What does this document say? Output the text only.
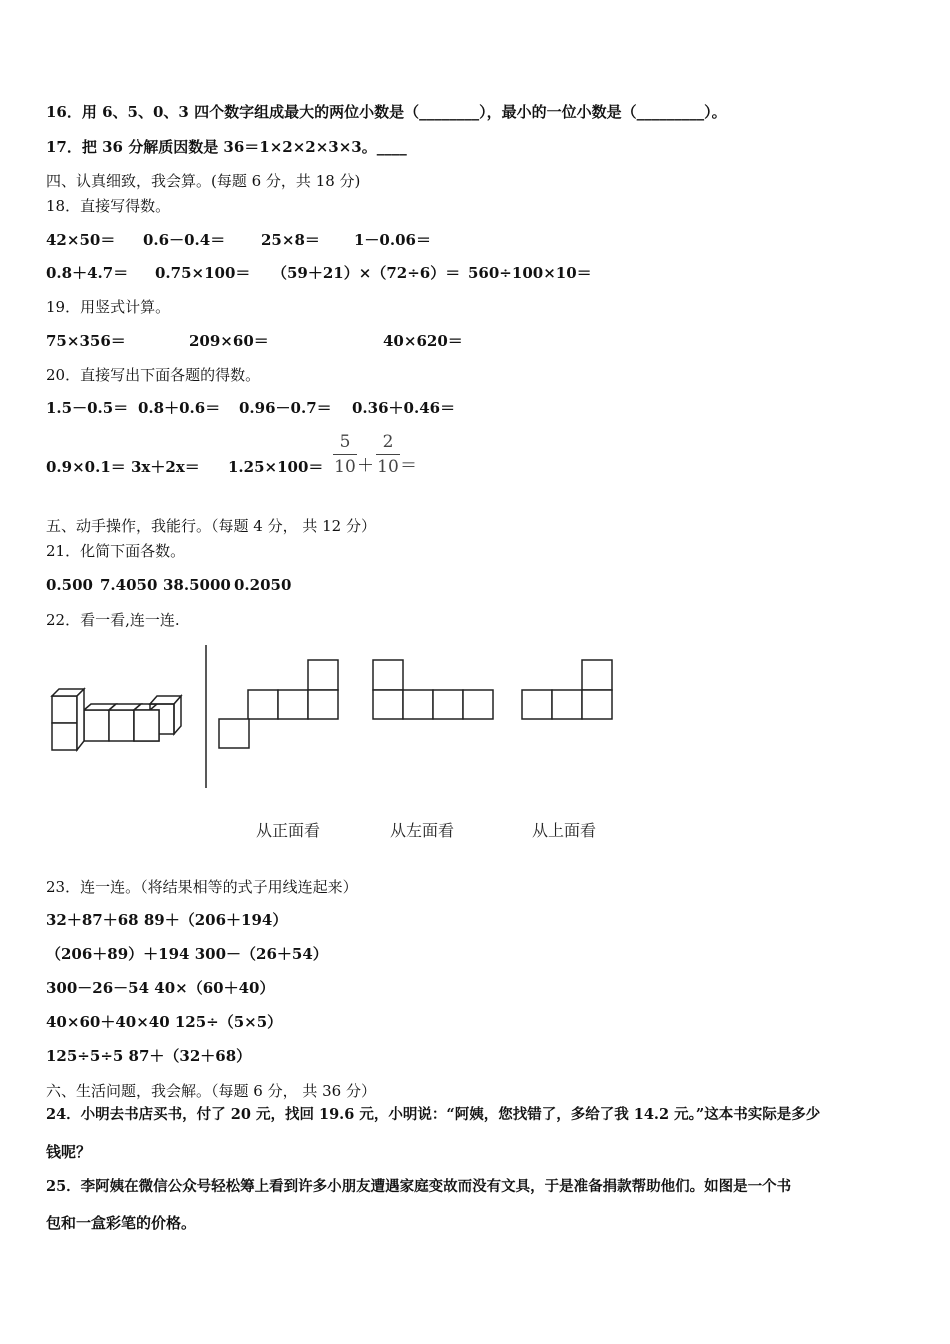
16．用 6、5、0、3 四个数字组成最大的两位小数是（________），最小的一位小数是（_________）。
17．把 36 分解质因数是 36＝1×2×2×3×3。____
四、认真细致，我会算。(每题 6 分，共 18 分)
18．直接写得数。
42×50＝ 0.6－0.4＝ 25×8＝ 1－0.06＝
0.8＋4.7＝ 0.75×100＝ （59＋21）×（72÷6）＝ 560÷100×10＝
19．用竖式计算。
75×356＝	209×60＝	40×620＝
20．直接写出下面各题的得数。
1.5－0.5＝ 0.8＋0.6＝ 0.96－0.7＝ 0.36＋0.46＝
0.9×0.1＝ 3x＋2x＝ 1.25×100＝
5
10 ＋
2
10 ＝
五、动手操作，我能行。（每题 4 分， 共 12 分）
21．化简下面各数。
0.500 7.4050 38.5000 0.2050
22．看一看,连一连.
从正面看	从左面看	从上面看
23．连一连。（将结果相等的式子用线连起来）
32＋87＋68 89＋（206＋194）
（206＋89）＋194 300－（26＋54）
300－26－54 40×（60＋40）
40×60＋40×40 125÷（5×5）
125÷5÷5 87＋（32＋68）
六、生活问题，我会解。（每题 6 分， 共 36 分）
24．小明去书店买书，付了 20 元，找回 19.6 元，小明说：“阿姨，您找错了，多给了我 14.2 元。”这本书实际是多少
钱呢？
25．李阿姨在微信公众号轻松筹上看到许多小朋友遭遇家庭变故而没有文具，于是准备捐款帮助他们。如图是一个书
包和一盒彩笔的价格。
